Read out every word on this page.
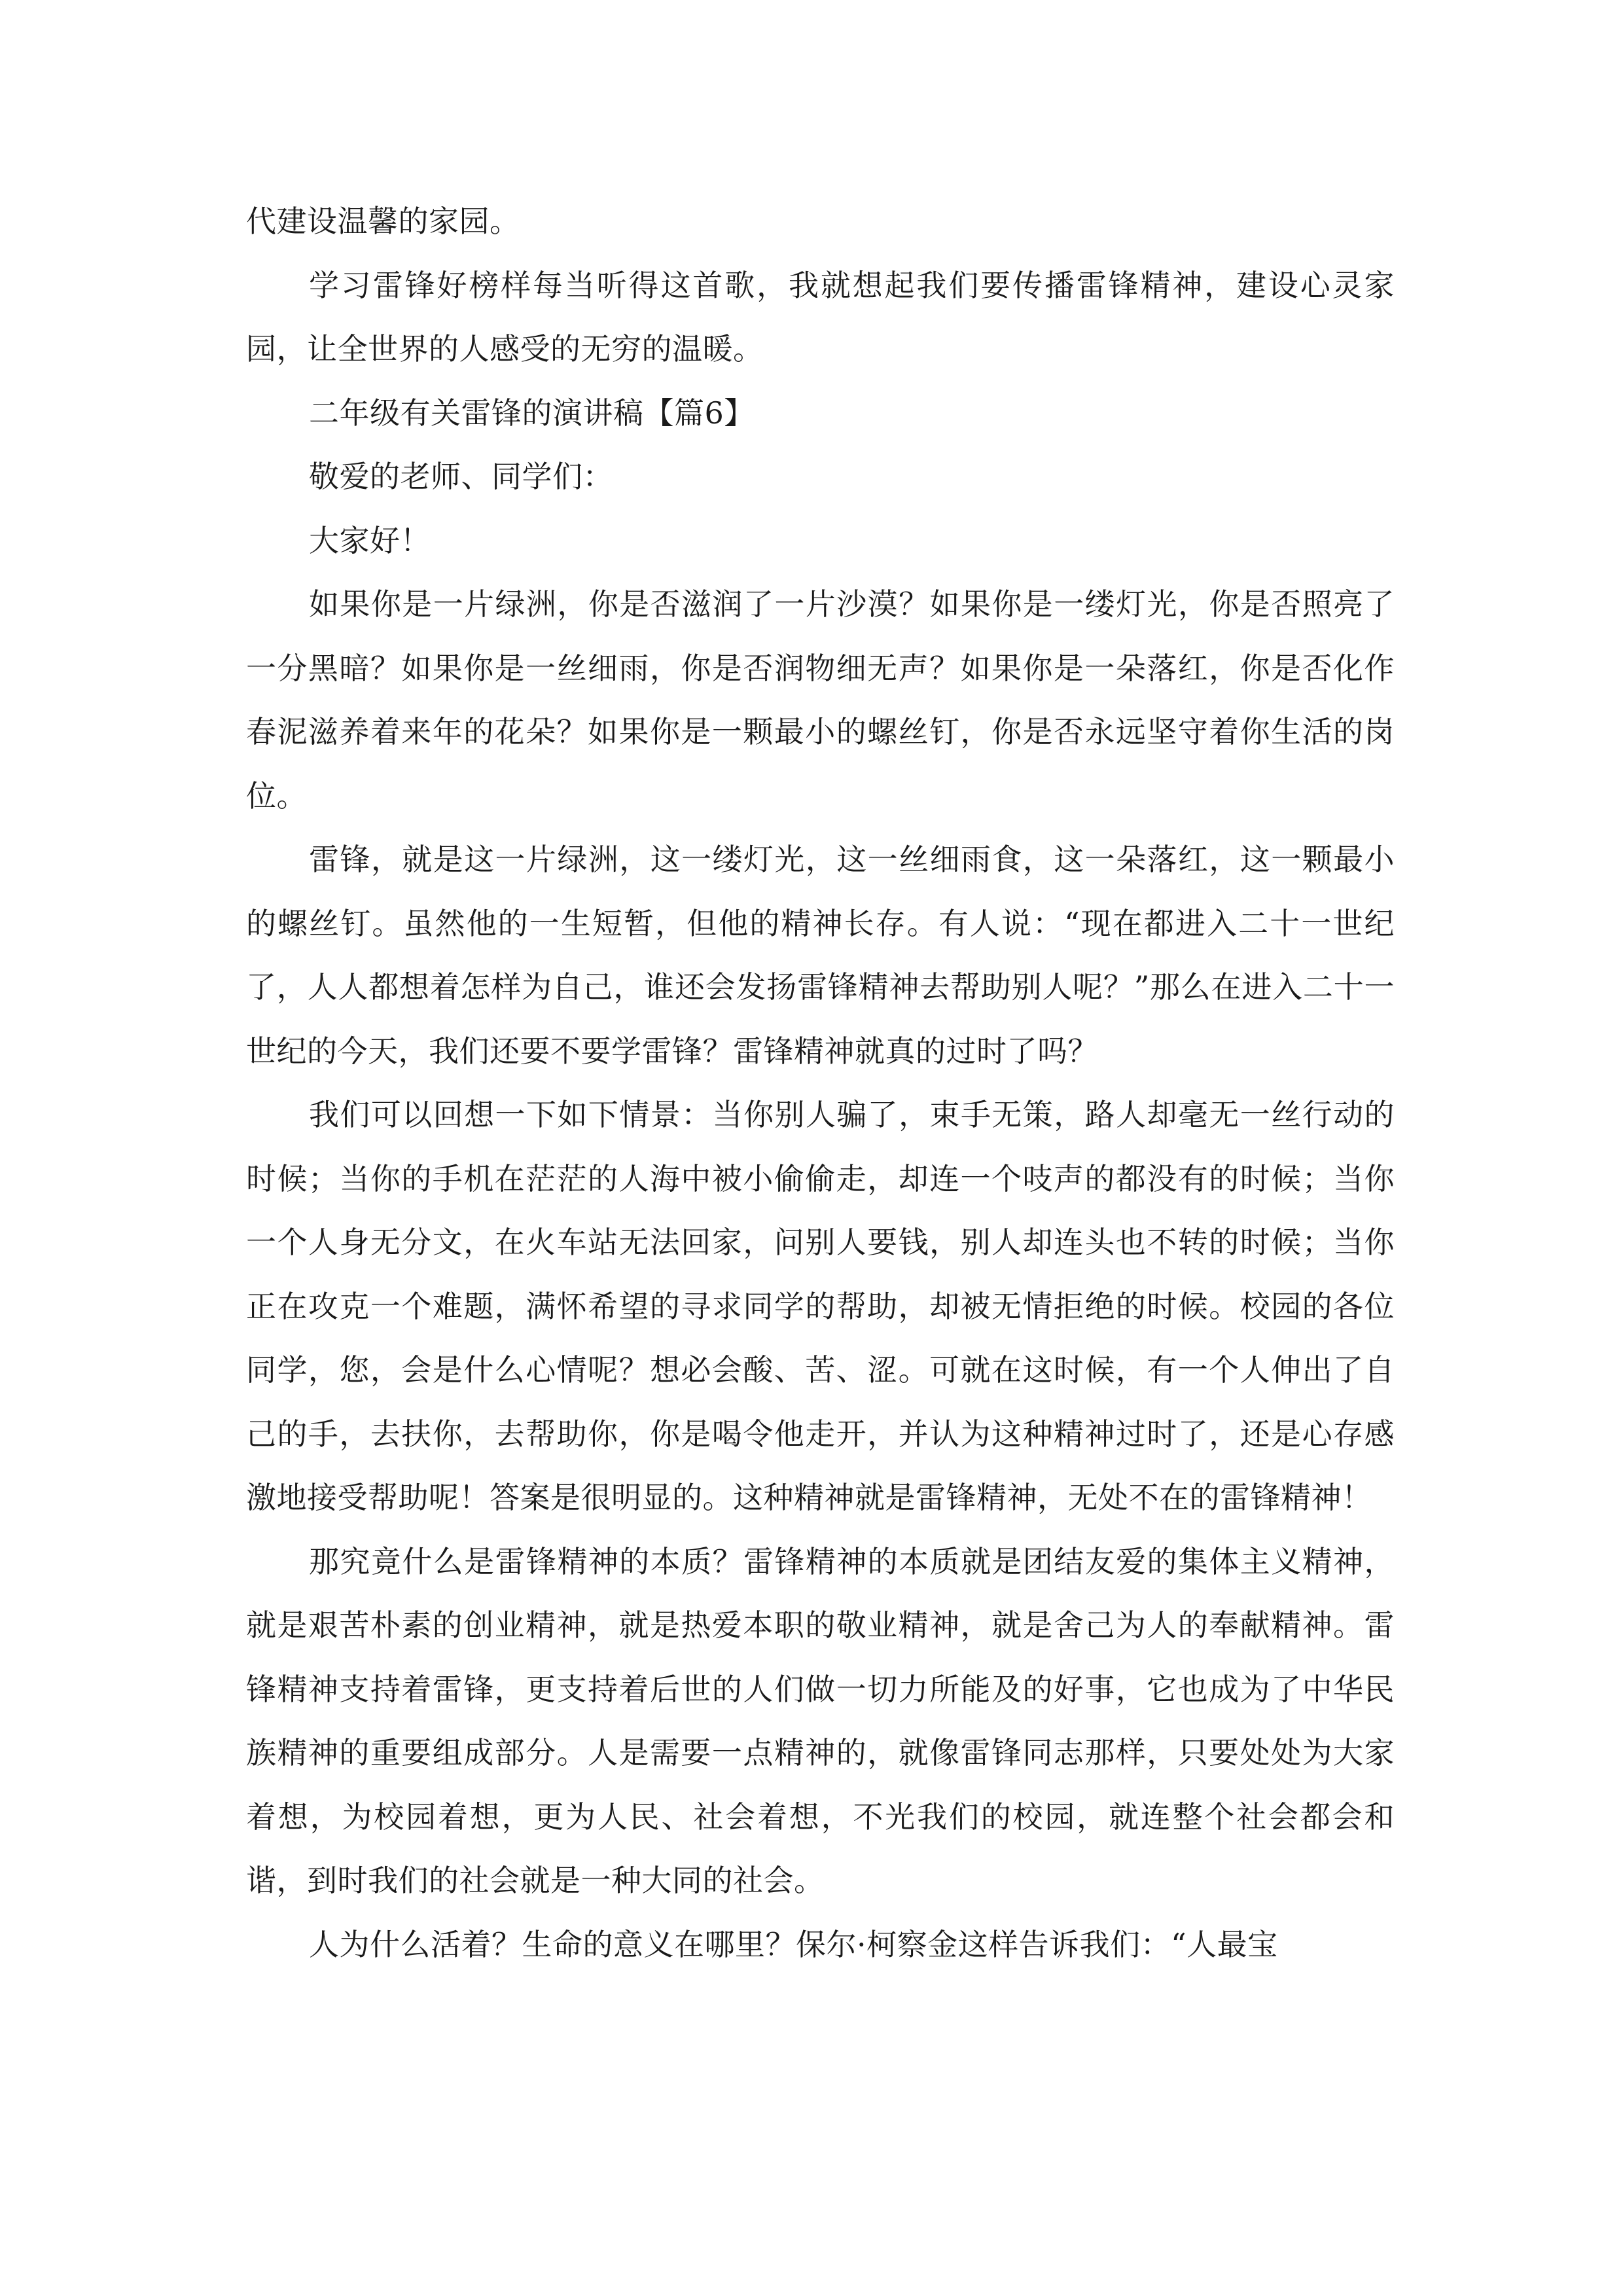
代建设温馨的家园。

学习雷锋好榜样每当听得这首歌，我就想起我们要传播雷锋精神，建设心灵家园，让全世界的人感受的无穷的温暖。

二年级有关雷锋的演讲稿【篇6】

敬爱的老师、同学们：

大家好！

如果你是一片绿洲，你是否滋润了一片沙漠？如果你是一缕灯光，你是否照亮了一分黑暗？如果你是一丝细雨，你是否润物细无声？如果你是一朵落红，你是否化作春泥滋养着来年的花朵？如果你是一颗最小的螺丝钉，你是否永远坚守着你生活的岗位。

雷锋，就是这一片绿洲，这一缕灯光，这一丝细雨食，这一朵落红，这一颗最小的螺丝钉。虽然他的一生短暂，但他的精神长存。有人说：“现在都进入二十一世纪了，人人都想着怎样为自己，谁还会发扬雷锋精神去帮助别人呢？”那么在进入二十一世纪的今天，我们还要不要学雷锋？雷锋精神就真的过时了吗？

我们可以回想一下如下情景：当你别人骗了，束手无策，路人却毫无一丝行动的时候；当你的手机在茫茫的人海中被小偷偷走，却连一个吱声的都没有的时候；当你一个人身无分文，在火车站无法回家，问别人要钱，别人却连头也不转的时候；当你正在攻克一个难题，满怀希望的寻求同学的帮助，却被无情拒绝的时候。校园的各位同学，您，会是什么心情呢？想必会酸、苦、涩。可就在这时候，有一个人伸出了自己的手，去扶你，去帮助你，你是喝令他走开，并认为这种精神过时了，还是心存感激地接受帮助呢！答案是很明显的。这种精神就是雷锋精神，无处不在的雷锋精神！

那究竟什么是雷锋精神的本质？雷锋精神的本质就是团结友爱的集体主义精神，就是艰苦朴素的创业精神，就是热爱本职的敬业精神，就是舍己为人的奉献精神。雷锋精神支持着雷锋，更支持着后世的人们做一切力所能及的好事，它也成为了中华民族精神的重要组成部分。人是需要一点精神的，就像雷锋同志那样，只要处处为大家着想，为校园着想，更为人民、社会着想，不光我们的校园，就连整个社会都会和谐，到时我们的社会就是一种大同的社会。

人为什么活着？生命的意义在哪里？保尔·柯察金这样告诉我们：“人最宝
